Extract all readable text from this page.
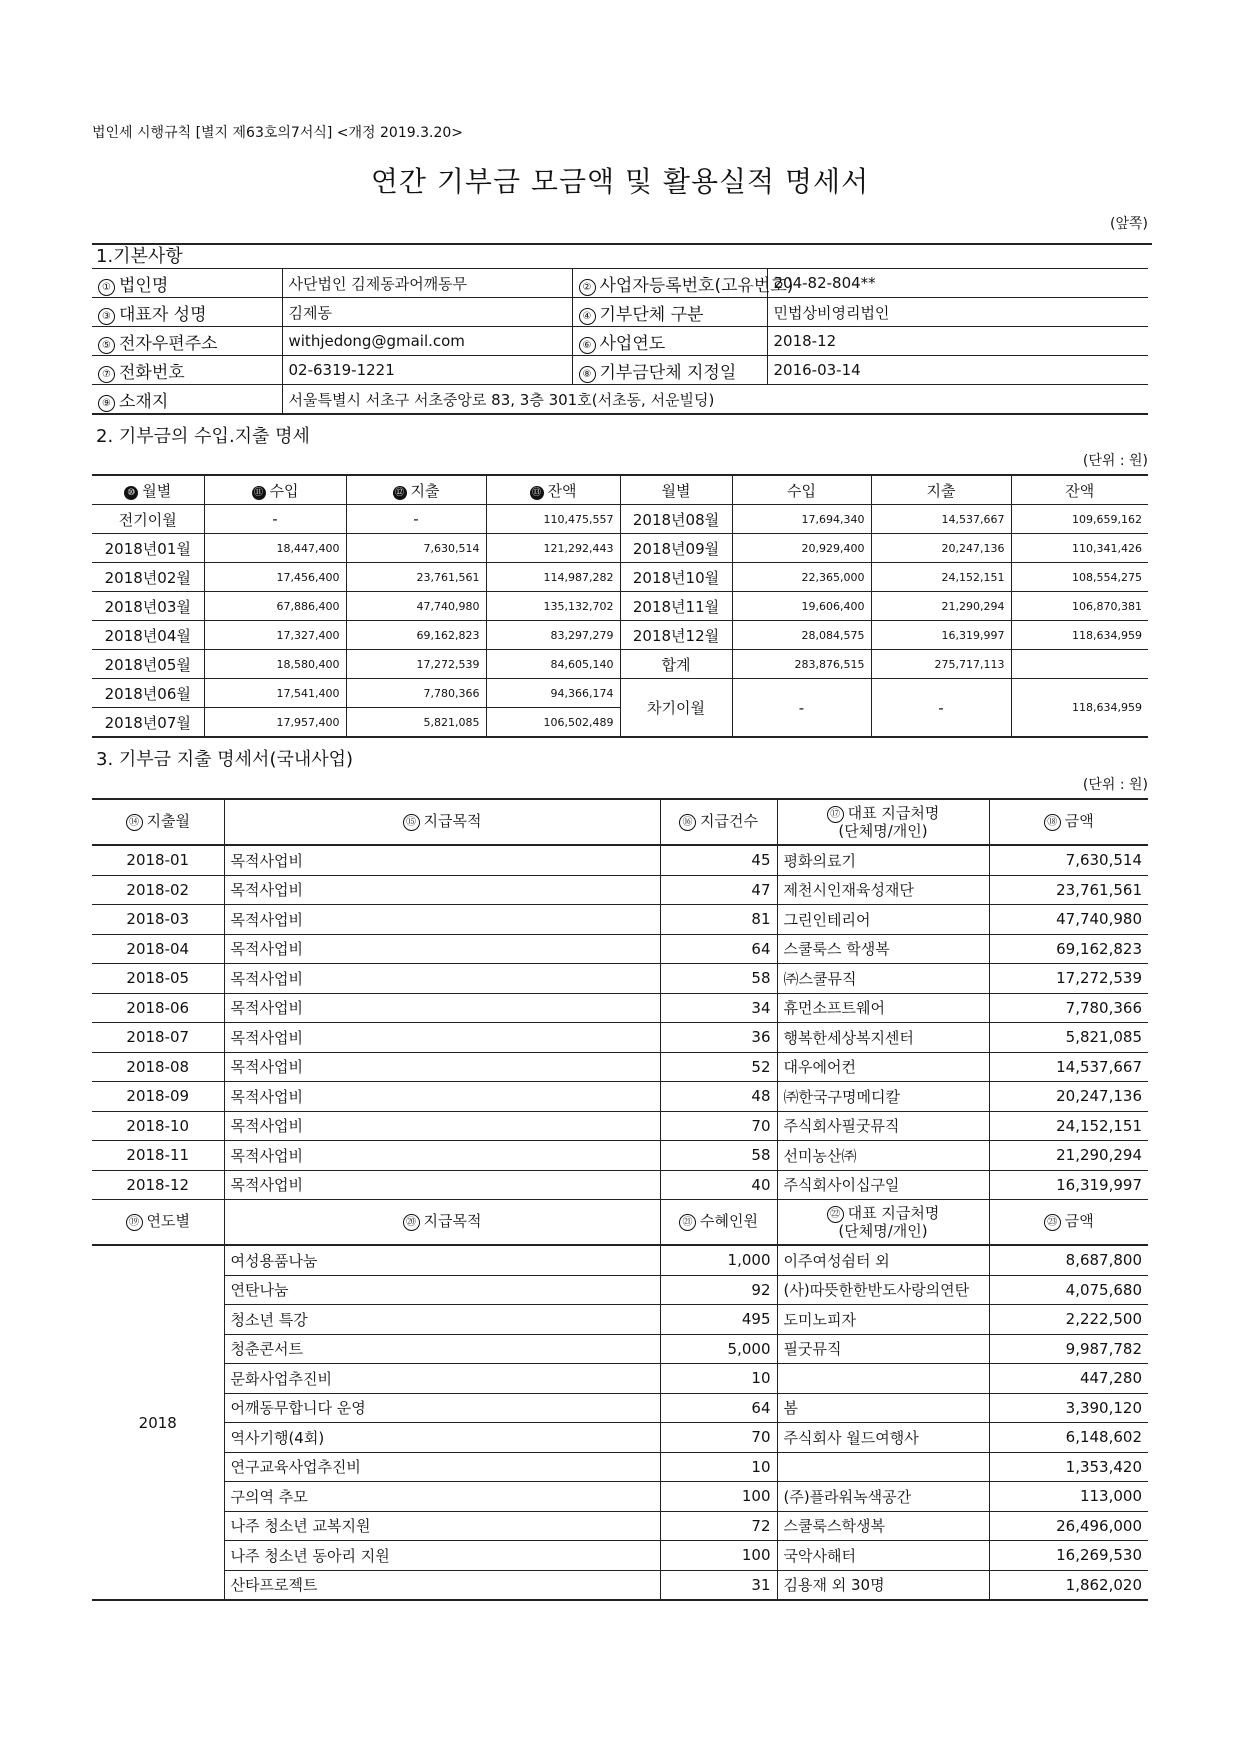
법인세 시행규칙 [별지 제63호의7서식] <개정 2019.3.20>
연간 기부금 모금액 및 활용실적 명세서
(앞쪽)
1.기본사항
① 법인명	사단법인 김제동과어깨동무	② 사업자등록번호(고유번호)	204-82-804**
③ 대표자 성명	김제동	④ 기부단체 구분	민법상비영리법인
⑤ 전자우편주소	withjedong@gmail.com	⑥ 사업연도	2018-12
⑦ 전화번호	02-6319-1221	⑧ 기부금단체 지정일	2016-03-14
⑨ 소재지	서울특별시 서초구 서초중앙로 83, 3층 301호(서초동, 서운빌딩)		
2. 기부금의 수입.지출 명세
(단위 : 원)
⑩ 월별	⑪ 수입	⑫ 지출	⑬ 잔액	월별	수입	지출	잔액
전기이월	-	-	110,475,557	2018년08월	17,694,340	14,537,667	109,659,162
2018년01월	18,447,400	7,630,514	121,292,443	2018년09월	20,929,400	20,247,136	110,341,426
2018년02월	17,456,400	23,761,561	114,987,282	2018년10월	22,365,000	24,152,151	108,554,275
2018년03월	67,886,400	47,740,980	135,132,702	2018년11월	19,606,400	21,290,294	106,870,381
2018년04월	17,327,400	69,162,823	83,297,279	2018년12월	28,084,575	16,319,997	118,634,959
2018년05월	18,580,400	17,272,539	84,605,140	합계	283,876,515	275,717,113	
2018년06월	17,541,400	7,780,366	94,366,174	차기이월	-	-	118,634,959
2018년07월	17,957,400	5,821,085	106,502,489				
3. 기부금 지출 명세서(국내사업)
(단위 : 원)
⑭ 지출월	⑮ 지급목적	⑯ 지급건수	⑰ 대표 지급처명
(단체명/개인)	⑱ 금액
2018-01	목적사업비	45	평화의료기	7,630,514
2018-02	목적사업비	47	제천시인재육성재단	23,761,561
2018-03	목적사업비	81	그린인테리어	47,740,980
2018-04	목적사업비	64	스쿨룩스 학생복	69,162,823
2018-05	목적사업비	58	㈜스쿨뮤직	17,272,539
2018-06	목적사업비	34	휴먼소프트웨어	7,780,366
2018-07	목적사업비	36	행복한세상복지센터	5,821,085
2018-08	목적사업비	52	대우에어컨	14,537,667
2018-09	목적사업비	48	㈜한국구명메디칼	20,247,136
2018-10	목적사업비	70	주식회사필굿뮤직	24,152,151
2018-11	목적사업비	58	선미농산㈜	21,290,294
2018-12	목적사업비	40	주식회사이십구일	16,319,997
⑲ 연도별	⑳ 지급목적	㉑ 수혜인원	㉒ 대표 지급처명
(단체명/개인)	㉓ 금액
2018	여성용품나눔	1,000	이주여성쉼터 외	8,687,800
	연탄나눔	92	(사)따뜻한한반도사랑의연탄	4,075,680
	청소년 특강	495	도미노피자	2,222,500
	청춘콘서트	5,000	필굿뮤직	9,987,782
	문화사업추진비	10		447,280
	어깨동무합니다 운영	64	봄	3,390,120
	역사기행(4회)	70	주식회사 월드여행사	6,148,602
	연구교육사업추진비	10		1,353,420
	구의역 추모	100	(주)플라워녹색공간	113,000
	나주 청소년 교복지원	72	스쿨룩스학생복	26,496,000
	나주 청소년 동아리 지원	100	국악사해터	16,269,530
	산타프로젝트	31	김용재 외 30명	1,862,020
